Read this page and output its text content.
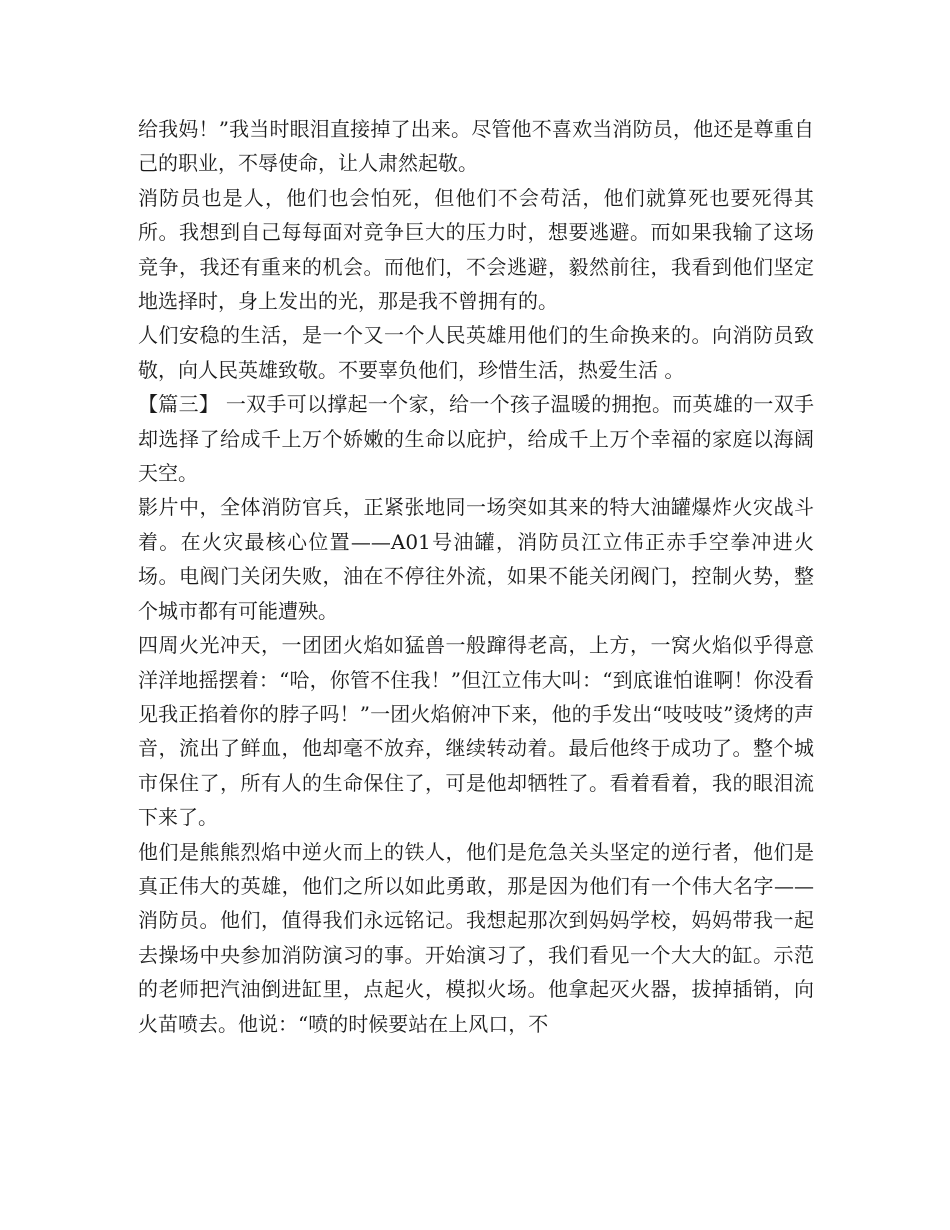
给我妈！”我当时眼泪直接掉了出来。尽管他不喜欢当消防员，他还是尊重自己的职业，不辱使命，让人肃然起敬。

消防员也是人，他们也会怕死，但他们不会苟活，他们就算死也要死得其所。我想到自己每每面对竞争巨大的压力时，想要逃避。而如果我输了这场竞争，我还有重来的机会。而他们，不会逃避，毅然前往，我看到他们坚定地选择时，身上发出的光，那是我不曾拥有的。

人们安稳的生活，是一个又一个人民英雄用他们的生命换来的。向消防员致敬，向人民英雄致敬。不要辜负他们，珍惜生活，热爱生活 。

【篇三】 一双手可以撑起一个家，给一个孩子温暖的拥抱。而英雄的一双手却选择了给成千上万个娇嫩的生命以庇护，给成千上万个幸福的家庭以海阔天空。

影片中，全体消防官兵，正紧张地同一场突如其来的特大油罐爆炸火灾战斗着。在火灾最核心位置——A01号油罐，消防员江立伟正赤手空拳冲进火场。电阀门关闭失败，油在不停往外流，如果不能关闭阀门，控制火势，整个城市都有可能遭殃。

四周火光冲天，一团团火焰如猛兽一般蹿得老高，上方，一窝火焰似乎得意洋洋地摇摆着：“哈，你管不住我！”但江立伟大叫：“到底谁怕谁啊！你没看见我正掐着你的脖子吗！”一团火焰俯冲下来，他的手发出“吱吱吱”烫烤的声音，流出了鲜血，他却毫不放弃，继续转动着。最后他终于成功了。整个城市保住了，所有人的生命保住了，可是他却牺牲了。看着看着，我的眼泪流下来了。

他们是熊熊烈焰中逆火而上的铁人，他们是危急关头坚定的逆行者，他们是真正伟大的英雄，他们之所以如此勇敢，那是因为他们有一个伟大名字——消防员。他们，值得我们永远铭记。我想起那次到妈妈学校，妈妈带我一起去操场中央参加消防演习的事。开始演习了，我们看见一个大大的缸。示范的老师把汽油倒进缸里，点起火，模拟火场。他拿起灭火器，拔掉插销，向火苗喷去。他说：“喷的时候要站在上风口，不
